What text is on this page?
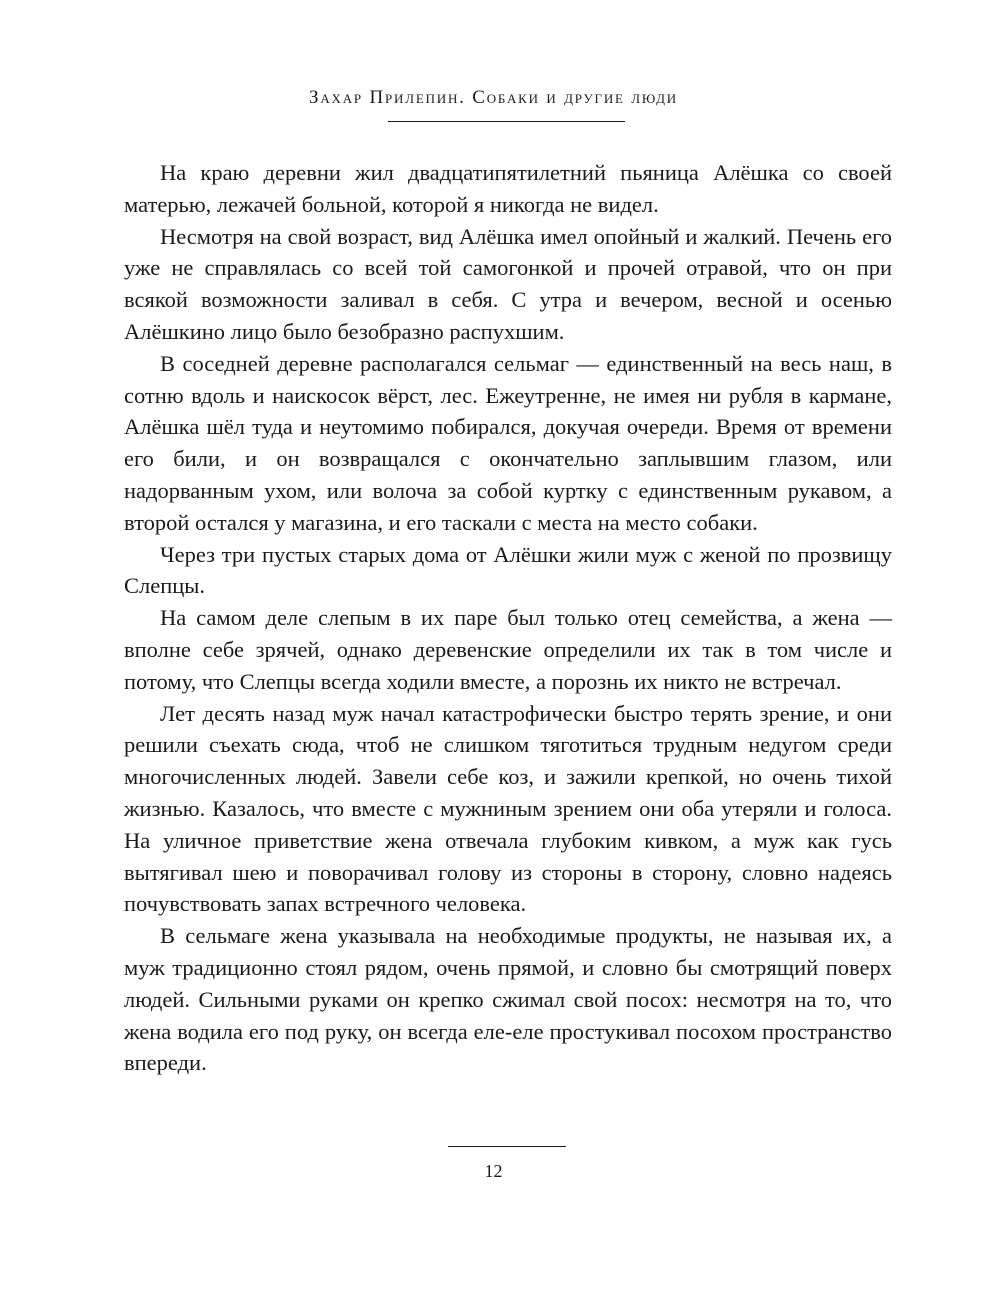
Захар Прилепин. Собаки и другие люди

На краю деревни жил двадцатипятилетний пьяница Алёшка со своей матерью, лежачей больной, которой я никогда не видел.

Несмотря на свой возраст, вид Алёшка имел опойный и жалкий. Печень его уже не справлялась со всей той самогонкой и прочей отравой, что он при всякой возможности заливал в себя. С утра и вечером, весной и осенью Алёшкино лицо было безобразно распухшим.

В соседней деревне располагался сельмаг — единственный на весь наш, в сотню вдоль и наискосок вёрст, лес. Ежеутренне, не имея ни рубля в кармане, Алёшка шёл туда и неутомимо побирался, докучая очереди. Время от времени его били, и он возвращался с окончательно заплывшим глазом, или надорванным ухом, или волоча за собой куртку с единственным рукавом, а второй остался у магазина, и его таскали с места на место собаки.

Через три пустых старых дома от Алёшки жили муж с женой по прозвищу Слепцы.

На самом деле слепым в их паре был только отец семейства, а жена — вполне себе зрячей, однако деревенские определили их так в том числе и потому, что Слепцы всегда ходили вместе, а порознь их никто не встречал.

Лет десять назад муж начал катастрофически быстро терять зрение, и они решили съехать сюда, чтоб не слишком тяготиться трудным недугом среди многочисленных людей. Завели себе коз, и зажили крепкой, но очень тихой жизнью. Казалось, что вместе с мужниным зрением они оба утеряли и голоса. На уличное приветствие жена отвечала глубоким кивком, а муж как гусь вытягивал шею и поворачивал голову из стороны в сторону, словно надеясь почувствовать запах встречного человека.

В сельмаге жена указывала на необходимые продукты, не называя их, а муж традиционно стоял рядом, очень прямой, и словно бы смотрящий поверх людей. Сильными руками он крепко сжимал свой посох: несмотря на то, что жена водила его под руку, он всегда еле-еле простукивал посохом пространство впереди.

12
